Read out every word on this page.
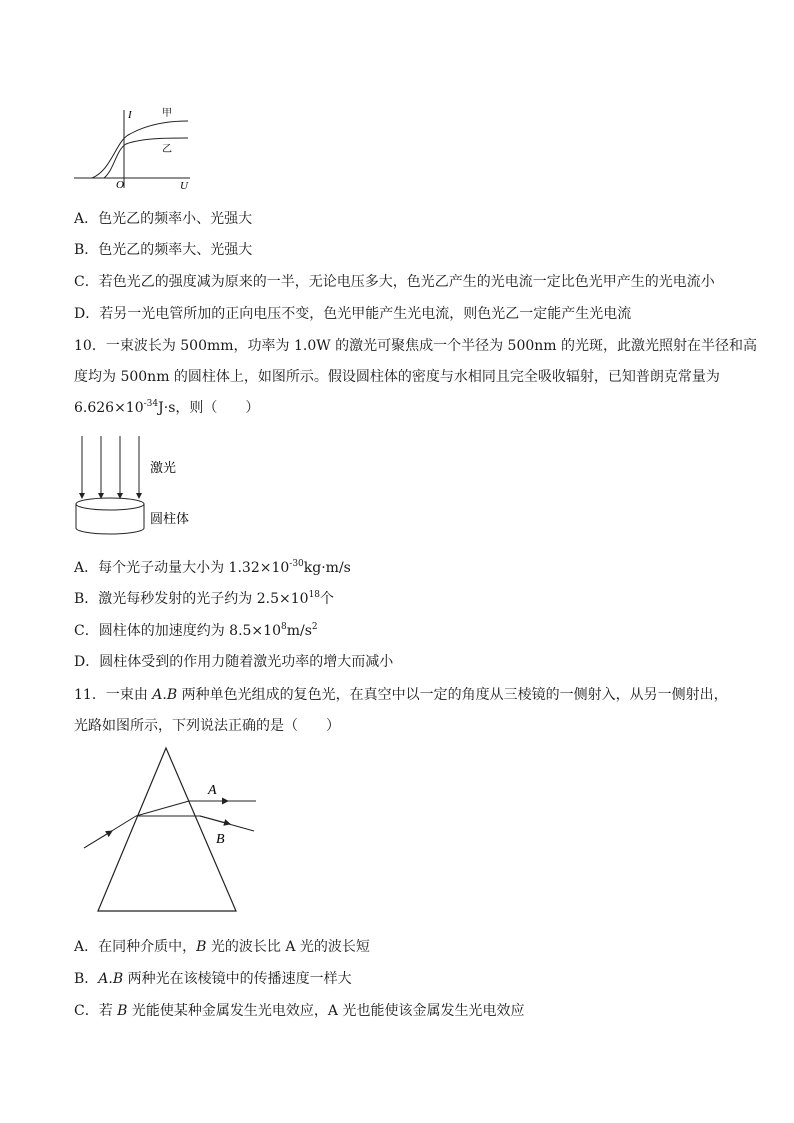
I
U
O
甲
乙
A．色光乙的频率小、光强大
B．色光乙的频率大、光强大
C．若色光乙的强度减为原来的一半，无论电压多大，色光乙产生的光电流一定比色光甲产生的光电流小
D．若另一光电管所加的正向电压不变，色光甲能产生光电流，则色光乙一定能产生光电流
10．一束波长为 500mm，功率为 1.0W 的激光可聚焦成一个半径为 500nm 的光斑，此激光照射在半径和高
度均为 500nm 的圆柱体上，如图所示。假设圆柱体的密度与水相同且完全吸收辐射，已知普朗克常量为
$6.626\times 10^{-34}J\cdot s$，则（　　）
激光
圆柱体
A．每个光子动量大小为 $1.32\times 10^{-30}kg\cdot m/s$
B．激光每秒发射的光子约为 $2.5\times 10^{18}$个
C．圆柱体的加速度约为 $8.5\times 10^8m/s^2$
D．圆柱体受到的作用力随着激光功率的增大而减小
11．一束由 A.B 两种单色光组成的复色光，在真空中以一定的角度从三棱镜的一侧射入，从另一侧射出，
光路如图所示，下列说法正确的是（　　）
A
B
A．在同种介质中，B 光的波长比 A 光的波长短
B．A.B 两种光在该棱镜中的传播速度一样大
C．若 B 光能使某种金属发生光电效应，A 光也能使该金属发生光电效应
